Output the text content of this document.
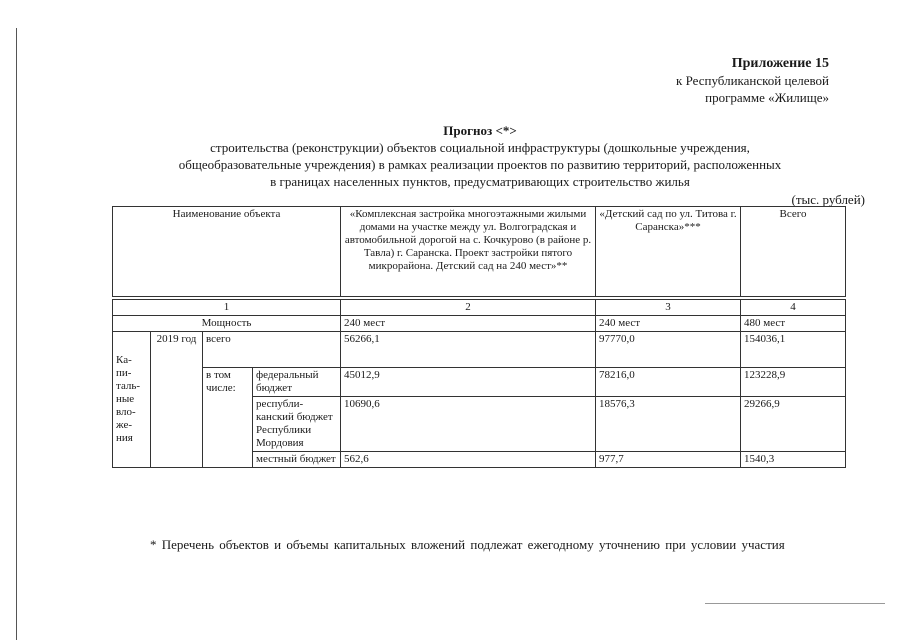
Приложение 15
к Республиканской целевой
программе «Жилище»
Прогноз <*>
строительства (реконструкции) объектов социальной инфраструктуры (дошкольные учреждения,
общеобразовательные учреждения) в рамках реализации проектов по развитию территорий, расположенных
в границах населенных пунктов, предусматривающих строительство жилья
(тыс. рублей)
Наименование объекта				«Комплексная застройка многоэтажными жилыми домами на участке между ул. Волгоградская и автомобильной дорогой на с. Кочкурово (в районе р. Тавла) г. Саранска. Проект застройки пятого микрорайона. Детский сад на 240 мест»**	«Детский сад по ул. Титова г. Саранска»***	Всего

1				2	3	4
Мощность				240 мест	240 мест	480 мест
Ка-пи-таль-ные вло-же-ния	2019 год	всего		56266,1	97770,0	154036,1
		в том числе:	федеральный бюджет	45012,9	78216,0	123228,9
			республи-канский бюджет Республики Мордовия	10690,6	18576,3	29266,9
			местный бюджет	562,6	977,7	1540,3
* Перечень объектов и объемы капитальных вложений подлежат ежегодному уточнению при условии участия
